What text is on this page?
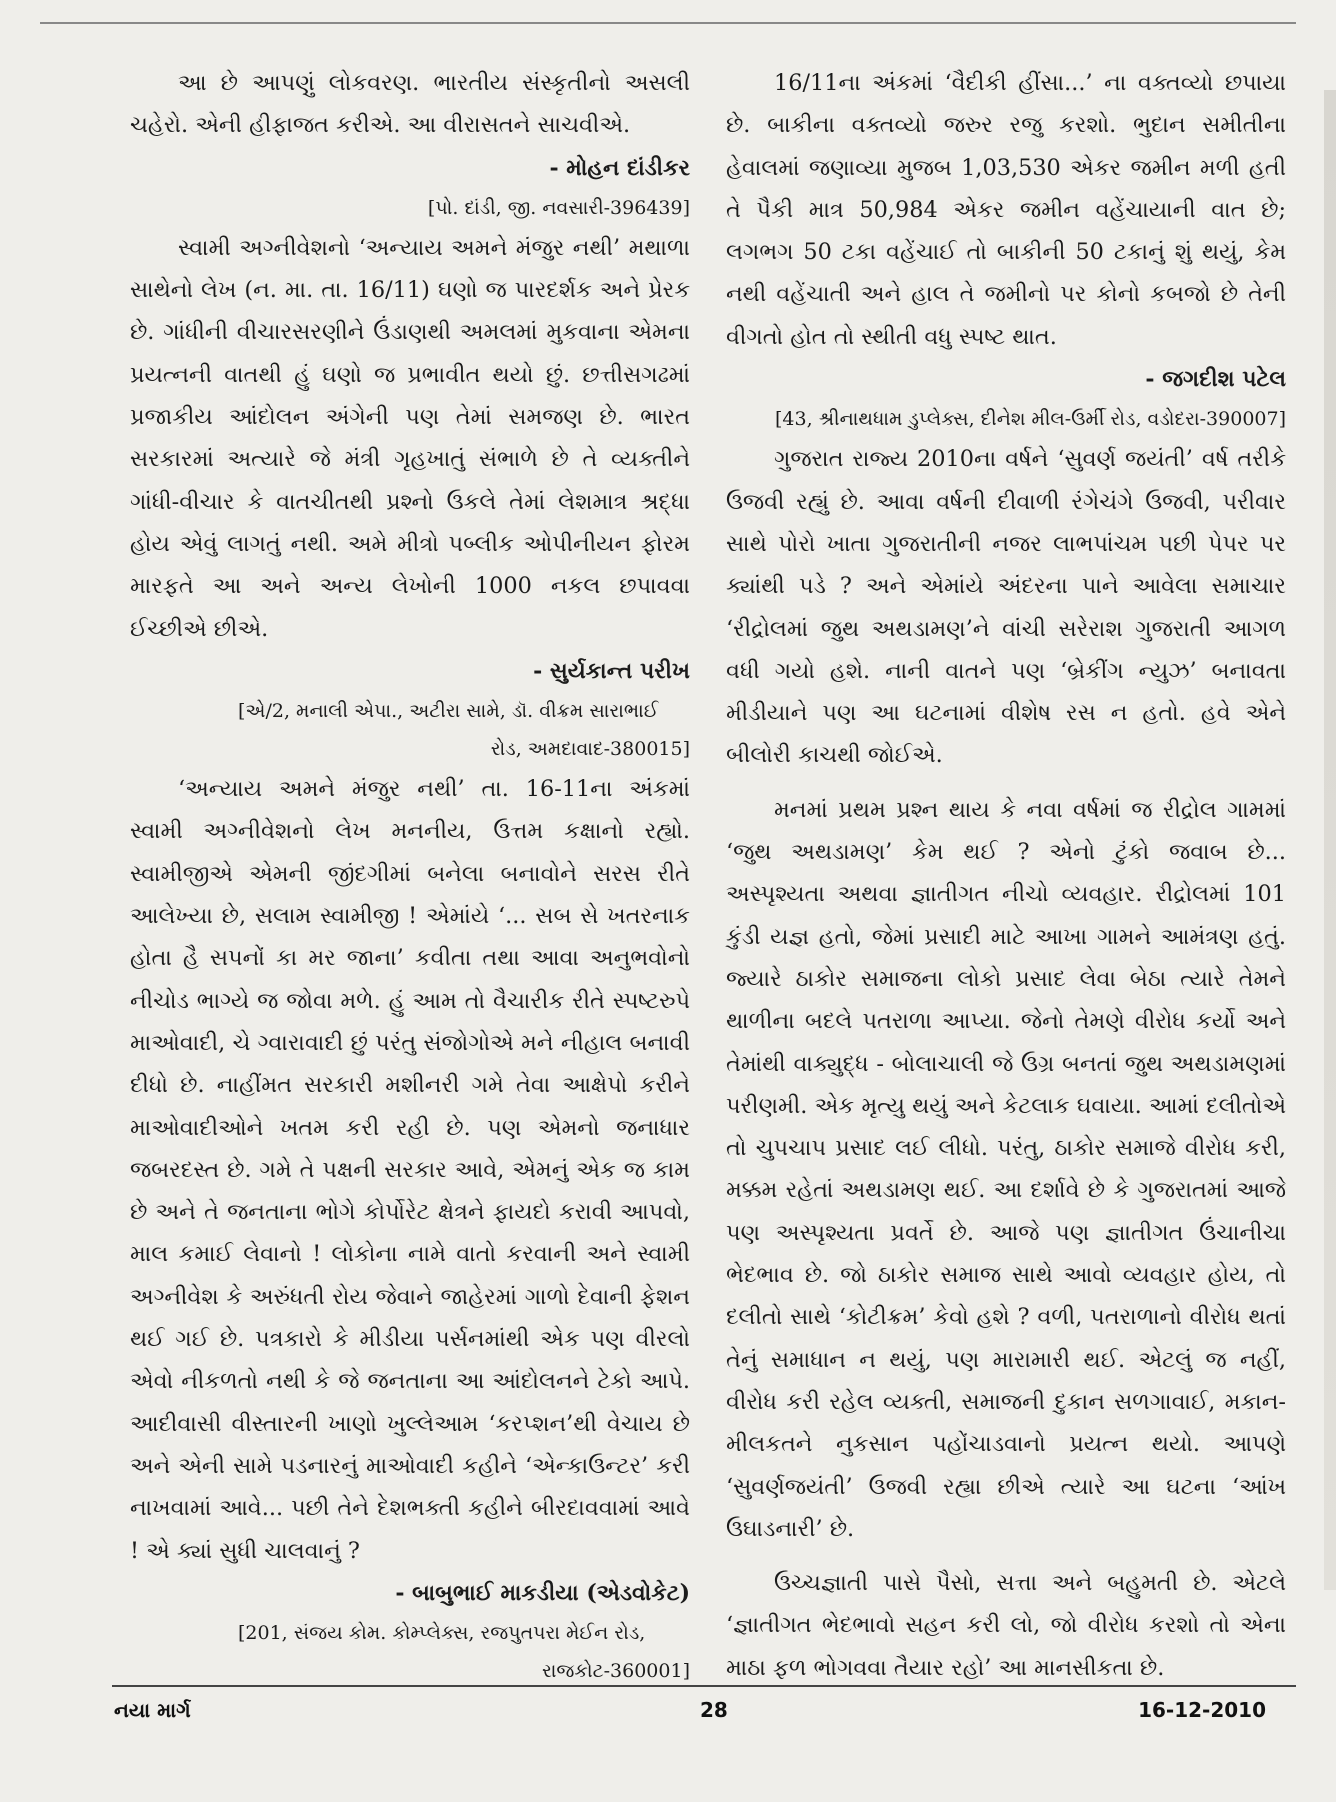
આ છે આપણું લોકવરણ. ભારતીય સંસ્કૃતીનો અસલી ચહેરો. એની હીફાજત કરીએ. આ વીરાસતને સાચવીએ.

- મોહન દાંડીકર

[પો. દાંડી, જી. નવસારી-396439]

સ્વામી અગ્નીવેશનો ‘અન્યાય અમને મંજુર નથી’ મથાળા સાથેનો લેખ (ન. મા. તા. 16/11) ઘણો જ પારદર્શક અને પ્રેરક છે. ગાંધીની વીચારસરણીને ઉંડાણથી અમલમાં મુકવાના એમના પ્રયત્નની વાતથી હું ઘણો જ પ્રભાવીત થયો છું. છત્તીસગઢમાં પ્રજાકીય આંદોલન અંગેની પણ તેમાં સમજણ છે. ભારત સરકારમાં અત્યારે જે મંત્રી ગૃહખાતું સંભાળે છે તે વ્યક્તીને ગાંધી-વીચાર કે વાતચીતથી પ્રશ્નો ઉકલે તેમાં લેશમાત્ર શ્રદ્ધા હોય એવું લાગતું નથી. અમે મીત્રો પબ્લીક ઓપીનીયન ફોરમ મારફતે આ અને અન્ય લેખોની 1000 નકલ છપાવવા ઈચ્છીએ છીએ.

- સુર્યકાન્ત પરીખ

[એ/2, મનાલી એપા., અટીરા સામે, ડૉ. વીક્રમ સારાભાઈ

રોડ, અમદાવાદ-380015]

‘અન્યાય અમને મંજુર નથી’ તા. 16-11ના અંકમાં સ્વામી અગ્નીવેશનો લેખ મનનીય, ઉત્તમ કક્ષાનો રહ્યો. સ્વામીજીએ એમની જીંદગીમાં બનેલા બનાવોને સરસ રીતે આલેખ્યા છે, સલામ સ્વામીજી ! એમાંયે ‘... સબ સે ખતરનાક હોતા હૈ સપનોં કા મર જાના’ કવીતા તથા આવા અનુભવોનો નીચોડ ભાગ્યે જ જોવા મળે. હું આમ તો વૈચારીક રીતે સ્પષ્ટરુપે માઓવાદી, ચે ગ્વારાવાદી છું પરંતુ સંજોગોએ મને નીહાલ બનાવી દીધો છે. નાહીંમત સરકારી મશીનરી ગમે તેવા આક્ષેપો કરીને માઓવાદીઓને ખતમ કરી રહી છે. પણ એમનો જનાધાર જબરદસ્ત છે. ગમે તે પક્ષની સરકાર આવે, એમનું એક જ કામ છે અને તે જનતાના ભોગે કોર્પોરેટ ક્ષેત્રને ફાયદો કરાવી આપવો, માલ કમાઈ લેવાનો ! લોકોના નામે વાતો કરવાની અને સ્વામી અગ્નીવેશ કે અરુંધતી રોય જેવાને જાહેરમાં ગાળો દેવાની ફેશન થઈ ગઈ છે. પત્રકારો કે મીડીયા પર્સનમાંથી એક પણ વીરલો એવો નીકળતો નથી કે જે જનતાના આ આંદોલનને ટેકો આપે. આદીવાસી વીસ્તારની ખાણો ખુલ્લેઆમ ‘કરપ્શન’થી વેચાય છે અને એની સામે પડનારનું માઓવાદી કહીને ‘એન્કાઉન્ટર’ કરી નાખવામાં આવે... પછી તેને દેશભક્તી કહીને બીરદાવવામાં આવે ! એ ક્યાં સુધી ચાલવાનું ?

- બાબુભાઈ માકડીયા (એડવોકેટ)

[201, સંજય કોમ. કોમ્પ્લેક્સ, રજપુતપરા મેઈન રોડ,

રાજકોટ-360001]

16/11ના અંકમાં ‘વૈદીકી હીંસા...’ ના વક્તવ્યો છપાયા છે. બાકીના વક્તવ્યો જરુર રજુ કરશો. ભુદાન સમીતીના હેવાલમાં જણાવ્યા મુજબ 1,03,530 એકર જમીન મળી હતી તે પૈકી માત્ર 50,984 એકર જમીન વહેંચાયાની વાત છે; લગભગ 50 ટકા વહેંચાઈ તો બાકીની 50 ટકાનું શું થયું, કેમ નથી વહેંચાતી અને હાલ તે જમીનો પર કોનો કબજો છે તેની વીગતો હોત તો સ્થીતી વધુ સ્પષ્ટ થાત.

- જગદીશ પટેલ

[43, શ્રીનાથધામ ડુપ્લેક્સ, દીનેશ મીલ-ઉર્મી રોડ, વડોદરા-390007]

ગુજરાત રાજ્ય 2010ના વર્ષને ‘સુવર્ણ જયંતી’ વર્ષ તરીકે ઉજવી રહ્યું છે. આવા વર્ષની દીવાળી રંગેચંગે ઉજવી, પરીવાર સાથે પોરો ખાતા ગુજરાતીની નજર લાભપાંચમ પછી પેપર પર ક્યાંથી પડે ? અને એમાંયે અંદરના પાને આવેલા સમાચાર ‘રીદ્રોલમાં જુથ અથડામણ’ને વાંચી સરેરાશ ગુજરાતી આગળ વધી ગયો હશે. નાની વાતને પણ ‘બ્રેકીંગ ન્યુઝ’ બનાવતા મીડીયાને પણ આ ઘટનામાં વીશેષ રસ ન હતો. હવે એને બીલોરી કાચથી જોઈએ.

મનમાં પ્રથમ પ્રશ્ન થાય કે નવા વર્ષમાં જ રીદ્રોલ ગામમાં ‘જુથ અથડામણ’ કેમ થઈ ? એનો ટુંકો જવાબ છે... અસ્પૃશ્યતા અથવા જ્ઞાતીગત નીચો વ્યવહાર. રીદ્રોલમાં 101 કુંડી યજ્ઞ હતો, જેમાં પ્રસાદી માટે આખા ગામને આમંત્રણ હતું. જ્યારે ઠાકોર સમાજના લોકો પ્રસાદ લેવા બેઠા ત્યારે તેમને થાળીના બદલે પતરાળા આપ્યા. જેનો તેમણે વીરોધ કર્યો અને તેમાંથી વાક્યુદ્ધ - બોલાચાલી જે ઉગ્ર બનતાં જુથ અથડામણમાં પરીણમી. એક મૃત્યુ થયું અને કેટલાક ઘવાયા. આમાં દલીતોએ તો ચુપચાપ પ્રસાદ લઈ લીધો. પરંતુ, ઠાકોર સમાજે વીરોધ કરી, મક્કમ રહેતાં અથડામણ થઈ. આ દર્શાવે છે કે ગુજરાતમાં આજે પણ અસ્પૃશ્યતા પ્રવર્તે છે. આજે પણ જ્ઞાતીગત ઉંચાનીચા ભેદભાવ છે. જો ઠાકોર સમાજ સાથે આવો વ્યવહાર હોય, તો દલીતો સાથે ‘કોટીક્રમ’ કેવો હશે ? વળી, પતરાળાનો વીરોધ થતાં તેનું સમાધાન ન થયું, પણ મારામારી થઈ. એટલું જ નહીં, વીરોધ કરી રહેલ વ્યક્તી, સમાજની દુકાન સળગાવાઈ, મકાન-મીલકતને નુકસાન પહોંચાડવાનો પ્રયત્ન થયો. આપણે ‘સુવર્ણજયંતી’ ઉજવી રહ્યા છીએ ત્યારે આ ઘટના ‘આંખ ઉઘાડનારી’ છે.

ઉચ્ચજ્ઞાતી પાસે પૈસો, સત્તા અને બહુમતી છે. એટલે ‘જ્ઞાતીગત ભેદભાવો સહન કરી લો, જો વીરોધ કરશો તો એના માઠા ફળ ભોગવવા તૈયાર રહો’ આ માનસીકતા છે.

નયા માર્ગ	28	16-12-2010
